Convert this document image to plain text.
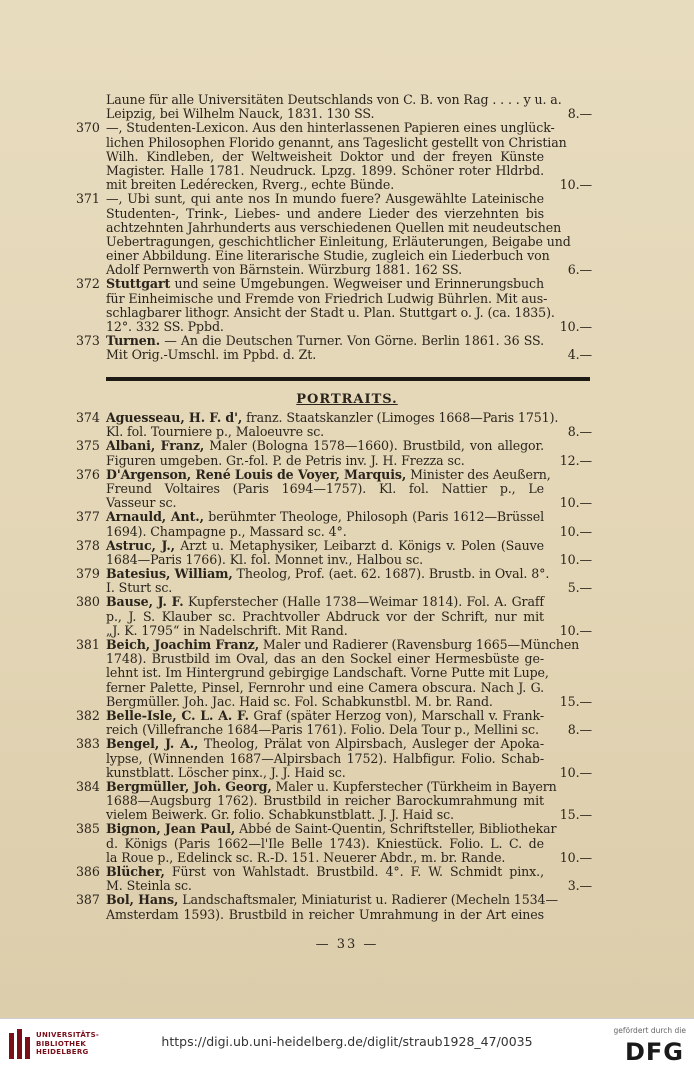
Laune für alle Universitäten Deutschlands von C. B. von Rag . . . . y u. a.
Leipzig, bei Wilhelm Nauck, 1831. 130 SS.	8.—
370 —, Studenten-Lexicon. Aus den hinterlassenen Papieren eines unglück-
lichen Philosophen Florido genannt, ans Tageslicht gestellt von Christian
Wilh. Kindleben, der Weltweisheit Doktor und der freyen Künste
Magister. Halle 1781. Neudruck. Lpzg. 1899. Schöner roter Hldrbd.
mit breiten Ledérecken, Rverg., echte Bünde.	10.—
371 —, Ubi sunt, qui ante nos In mundo fuere? Ausgewählte Lateinische
Studenten-, Trink-, Liebes- und andere Lieder des vierzehnten bis
achtzehnten Jahrhunderts aus verschiedenen Quellen mit neudeutschen
Uebertragungen, geschichtlicher Einleitung, Erläuterungen, Beigabe und
einer Abbildung. Eine literarische Studie, zugleich ein Liederbuch von
Adolf Pernwerth von Bärnstein. Würzburg 1881. 162 SS.	6.—
372 Stuttgart und seine Umgebungen. Wegweiser und Erinnerungsbuch
für Einheimische und Fremde von Friedrich Ludwig Bührlen. Mit aus-
schlagbarer lithogr. Ansicht der Stadt u. Plan. Stuttgart o. J. (ca. 1835).
12°. 332 SS. Ppbd.	10.—
373 Turnen. — An die Deutschen Turner. Von Görne. Berlin 1861. 36 SS.
Mit Orig.-Umschl. im Ppbd. d. Zt.	4.—
PORTRAITS.
374 Aguesseau, H. F. d', franz. Staatskanzler (Limoges 1668—Paris 1751).
Kl. fol. Tourniere p., Maloeuvre sc.	8.—
375 Albani, Franz, Maler (Bologna 1578—1660). Brustbild, von allegor.
Figuren umgeben. Gr.-fol. P. de Petris inv. J. H. Frezza sc.	12.—
376 D'Argenson, René Louis de Voyer, Marquis, Minister des Aeußern,
Freund Voltaires (Paris 1694—1757). Kl. fol. Nattier p., Le
Vasseur sc.	10.—
377 Arnauld, Ant., berühmter Theologe, Philosoph (Paris 1612—Brüssel
1694). Champagne p., Massard sc. 4°.	10.—
378 Astruc, J., Arzt u. Metaphysiker, Leibarzt d. Königs v. Polen (Sauve
1684—Paris 1766). Kl. fol. Monnet inv., Halbou sc.	10.—
379 Batesius, William, Theolog, Prof. (aet. 62. 1687). Brustb. in Oval. 8°.
I. Sturt sc.	5.—
380 Bause, J. F. Kupferstecher (Halle 1738—Weimar 1814). Fol. A. Graff
p., J. S. Klauber sc. Prachtvoller Abdruck vor der Schrift, nur mit
„J. K. 1795“ in Nadelschrift. Mit Rand.	10.—
381 Beich, Joachim Franz, Maler und Radierer (Ravensburg 1665—München
1748). Brustbild im Oval, das an den Sockel einer Hermesbüste ge-
lehnt ist. Im Hintergrund gebirgige Landschaft. Vorne Putte mit Lupe,
ferner Palette, Pinsel, Fernrohr und eine Camera obscura. Nach J. G.
Bergmüller. Joh. Jac. Haid sc. Fol. Schabkunstbl. M. br. Rand.	15.—
382 Belle-Isle, C. L. A. F. Graf (später Herzog von), Marschall v. Frank-
reich (Villefranche 1684—Paris 1761). Folio. Dela Tour p., Mellini sc.	8.—
383 Bengel, J. A., Theolog, Prälat von Alpirsbach, Ausleger der Apoka-
lypse, (Winnenden 1687—Alpirsbach 1752). Halbfigur. Folio. Schab-
kunstblatt. Löscher pinx., J. J. Haid sc.	10.—
384 Bergmüller, Joh. Georg, Maler u. Kupferstecher (Türkheim in Bayern
1688—Augsburg 1762). Brustbild in reicher Barockumrahmung mit
vielem Beiwerk. Gr. folio. Schabkunstblatt. J. J. Haid sc.	15.—
385 Bignon, Jean Paul, Abbé de Saint-Quentin, Schriftsteller, Bibliothekar
d. Königs (Paris 1662—l'Ile Belle 1743). Kniestück. Folio. L. C. de
la Roue p., Edelinck sc. R.-D. 151. Neuerer Abdr., m. br. Rande.	10.—
386 Blücher, Fürst von Wahlstadt. Brustbild. 4°. F. W. Schmidt pinx.,
M. Steinla sc.	3.—
387 Bol, Hans, Landschaftsmaler, Miniaturist u. Radierer (Mecheln 1534—
Amsterdam 1593). Brustbild in reicher Umrahmung in der Art eines
— 33 —
UNIVERSITÄTS-
BIBLIOTHEK
HEIDELBERG
https://digi.ub.uni-heidelberg.de/diglit/straub1928_47/0035
gefördert durch die
DFG
